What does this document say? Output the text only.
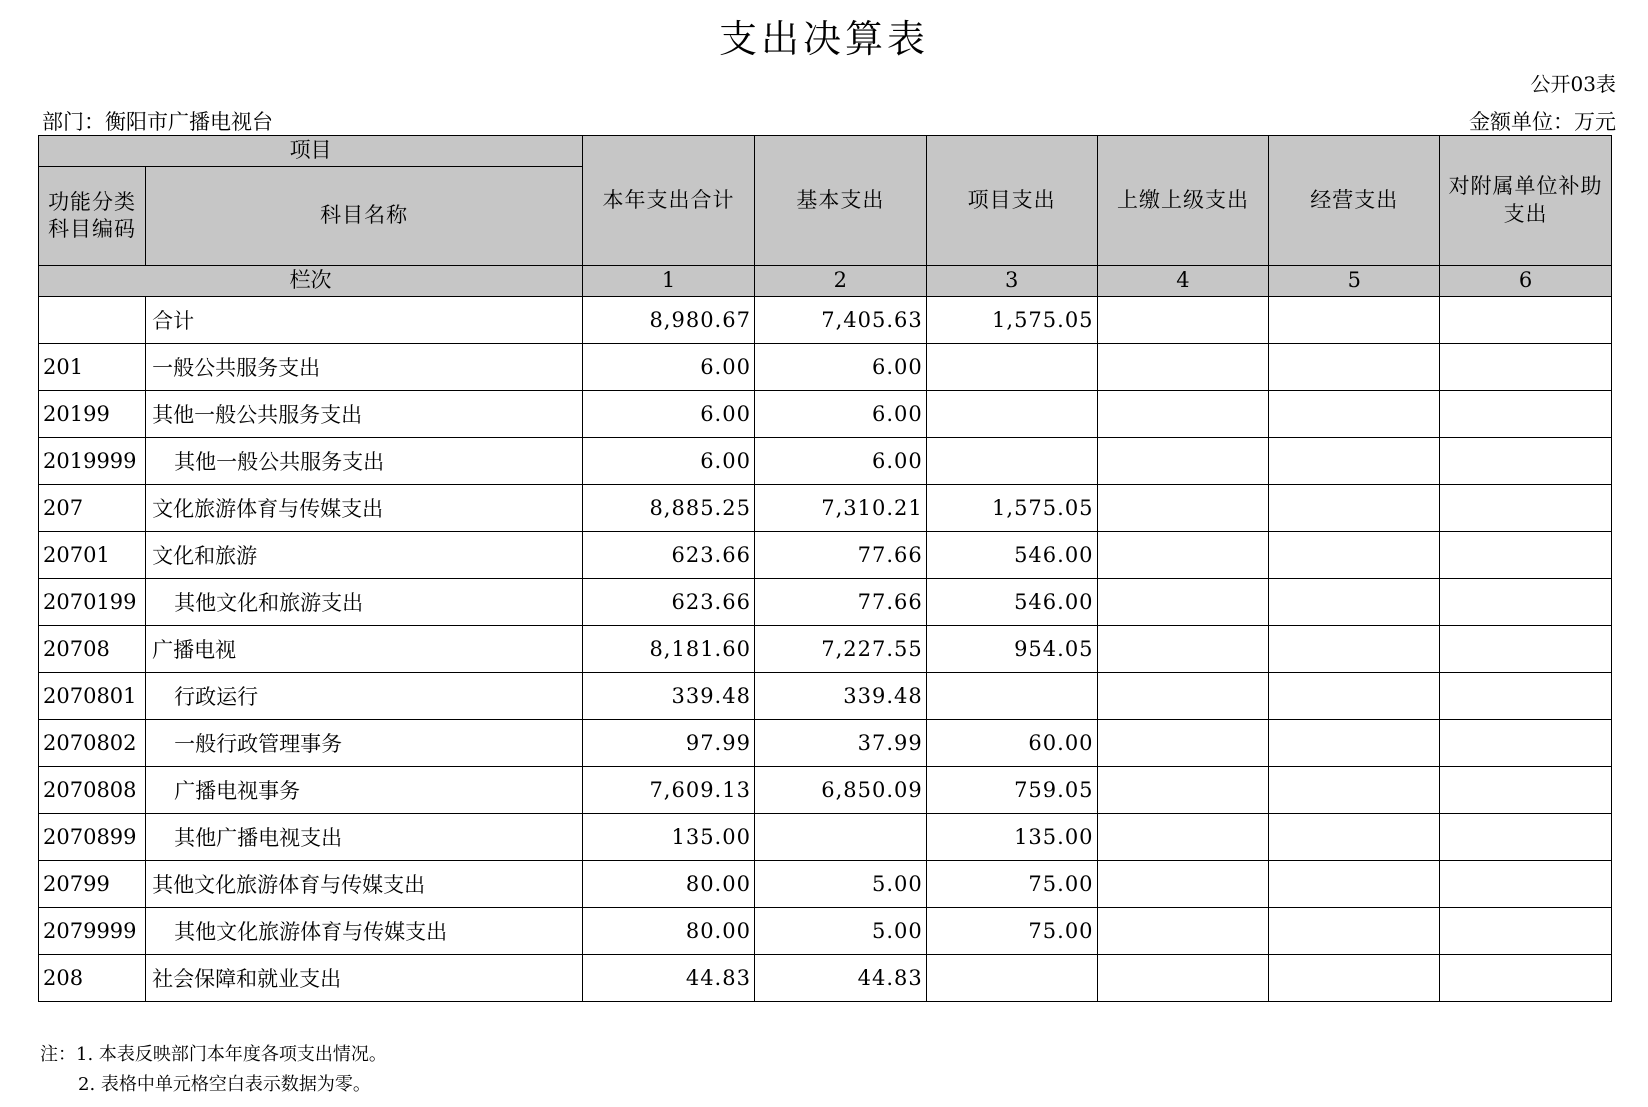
支出决算表
公开03表
部门：衡阳市广播电视台	金额单位：万元
项目		本年支出合计	基本支出	项目支出	上缴上级支出	经营支出	对附属单位补助支出
功能分类科目编码	科目名称						
栏次		1	2	3	4	5	6
	合计	8,980.67	7,405.63	1,575.05			
201	一般公共服务支出	6.00	6.00				
20199	其他一般公共服务支出	6.00	6.00				
2019999	其他一般公共服务支出	6.00	6.00				
207	文化旅游体育与传媒支出	8,885.25	7,310.21	1,575.05			
20701	文化和旅游	623.66	77.66	546.00			
2070199	其他文化和旅游支出	623.66	77.66	546.00			
20708	广播电视	8,181.60	7,227.55	954.05			
2070801	行政运行	339.48	339.48				
2070802	一般行政管理事务	97.99	37.99	60.00			
2070808	广播电视事务	7,609.13	6,850.09	759.05			
2070899	其他广播电视支出	135.00		135.00			
20799	其他文化旅游体育与传媒支出	80.00	5.00	75.00			
2079999	其他文化旅游体育与传媒支出	80.00	5.00	75.00			
208	社会保障和就业支出	44.83	44.83				
注：1. 本表反映部门本年度各项支出情况。
2. 表格中单元格空白表示数据为零。
